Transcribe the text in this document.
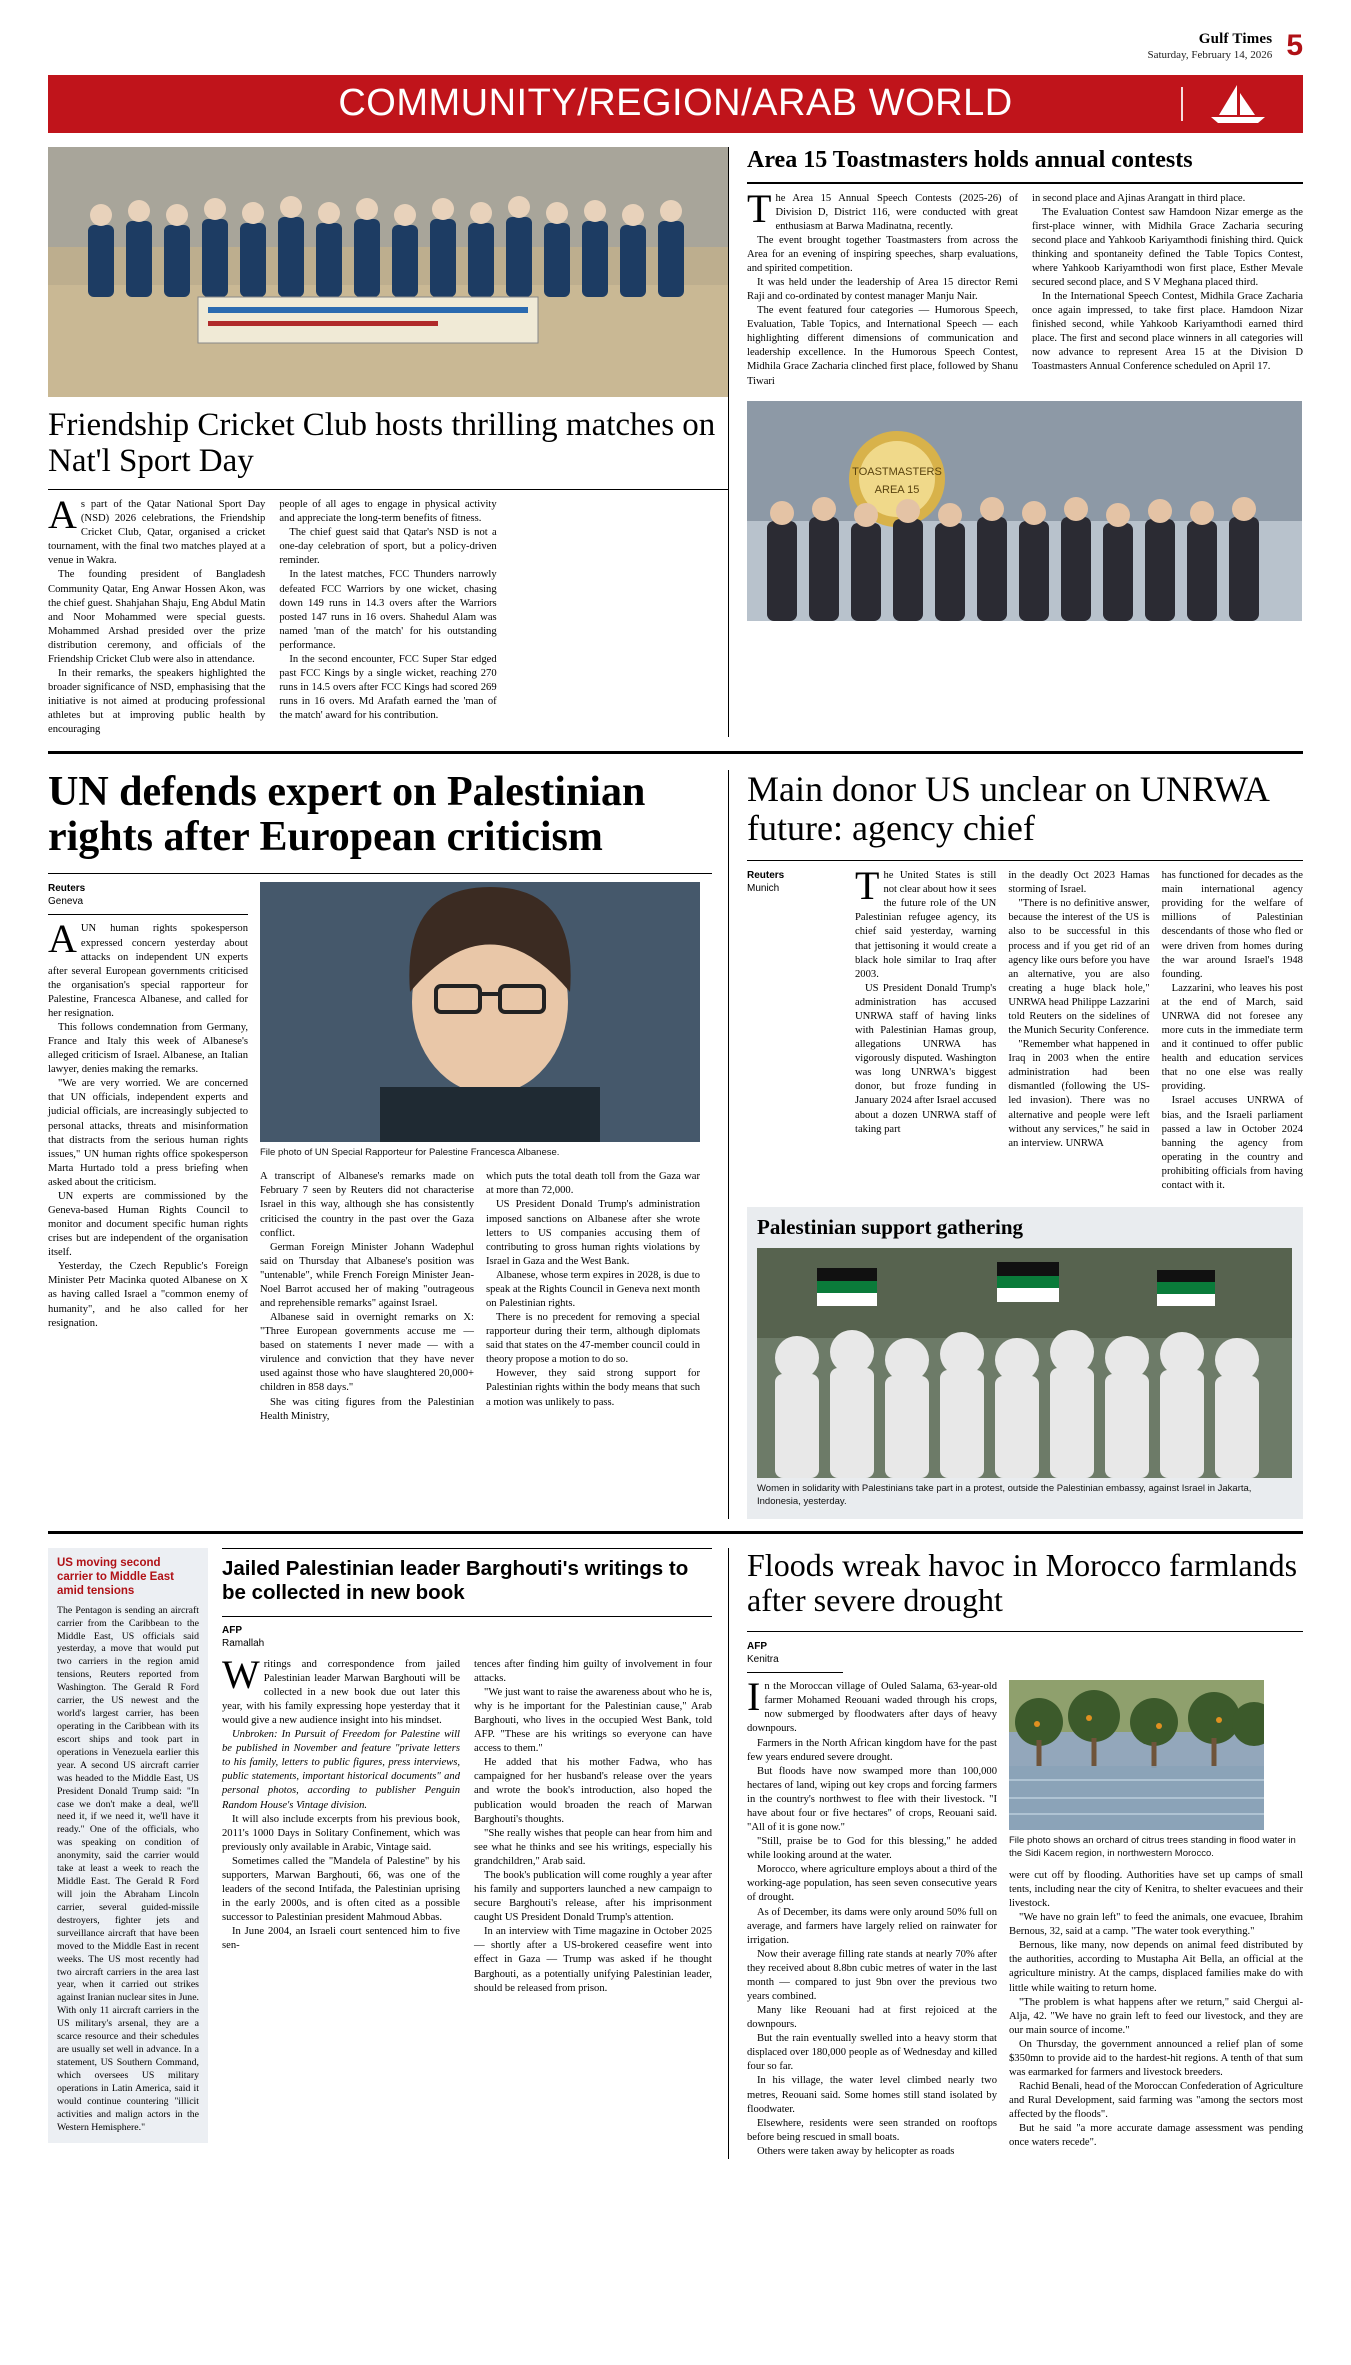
Gulf Times
Saturday, February 14, 2026 5
COMMUNITY/REGION/ARAB WORLD
Friendship Cricket Club hosts thrilling matches on Nat'l Sport Day

As part of the Qatar National Sport Day (NSD) 2026 celebrations, the Friendship Cricket Club, Qatar, organised a cricket tournament, with the final two matches played at a venue in Wakra.

The founding president of Bangladesh Community Qatar, Eng Anwar Hossen Akon, was the chief guest. Shahjahan Shaju, Eng Abdul Matin and Noor Mohammed were special guests. Mohammed Arshad presided over the prize distribution ceremony, and officials of the Friendship Cricket Club were also in attendance.

In their remarks, the speakers highlighted the broader significance of NSD, emphasising that the initiative is not aimed at producing professional athletes but at improving public health by encouraging

people of all ages to engage in physical activity and appreciate the long-term benefits of fitness.

The chief guest said that Qatar's NSD is not a one-day celebration of sport, but a policy-driven reminder.

In the latest matches, FCC Thunders narrowly defeated FCC Warriors by one wicket, chasing down 149 runs in 14.3 overs after the Warriors posted 147 runs in 16 overs. Shahedul Alam was named 'man of the match' for his outstanding performance.

In the second encounter, FCC Super Star edged past FCC Kings by a single wicket, reaching 270 runs in 14.5 overs after FCC Kings had scored 269 runs in 16 overs. Md Arafath earned the 'man of the match' award for his contribution.

Area 15 Toastmasters holds annual contests

The Area 15 Annual Speech Contests (2025-26) of Division D, District 116, were conducted with great enthusiasm at Barwa Madinatna, recently.

The event brought together Toastmasters from across the Area for an evening of inspiring speeches, sharp evaluations, and spirited competition.

It was held under the leadership of Area 15 director Remi Raji and co-ordinated by contest manager Manju Nair.

The event featured four categories — Humorous Speech, Evaluation, Table Topics, and International Speech — each highlighting different dimensions of communication and leadership excellence. In the Humorous Speech Contest, Midhila Grace Zacharia clinched first place, followed by Shanu Tiwari

in second place and Ajinas Arangatt in third place.

The Evaluation Contest saw Hamdoon Nizar emerge as the first-place winner, with Midhila Grace Zacharia securing second place and Yahkoob Kariyamthodi finishing third. Quick thinking and spontaneity defined the Table Topics Contest, where Yahkoob Kariyamthodi won first place, Esther Mevale secured second place, and S V Meghana placed third.

In the International Speech Contest, Midhila Grace Zacharia once again impressed, to take first place. Hamdoon Nizar finished second, while Yahkoob Kariyamthodi earned third place. The first and second place winners in all categories will now advance to represent Area 15 at the Division D Toastmasters Annual Conference scheduled on April 17.

TOASTMASTERS
AREA 15
UN defends expert on Palestinian rights after European criticism
Reuters
Geneva

AUN human rights spokesperson expressed concern yesterday about attacks on independent UN experts after several European governments criticised the organisation's special rapporteur for Palestine, Francesca Albanese, and called for her resignation.

This follows condemnation from Germany, France and Italy this week of Albanese's alleged criticism of Israel. Albanese, an Italian lawyer, denies making the remarks.

"We are very worried. We are concerned that UN officials, independent experts and judicial officials, are increasingly subjected to personal attacks, threats and misinformation that distracts from the serious human rights issues," UN human rights office spokesperson Marta Hurtado told a press briefing when asked about the criticism.

UN experts are commissioned by the Geneva-based Human Rights Council to monitor and document specific human rights crises but are independent of the organisation itself.

Yesterday, the Czech Republic's Foreign Minister Petr Macinka quoted Albanese on X as having called Israel a "common enemy of humanity", and he also called for her resignation.

File photo of UN Special Rapporteur for Palestine Francesca Albanese.

A transcript of Albanese's remarks made on February 7 seen by Reuters did not characterise Israel in this way, although she has consistently criticised the country in the past over the Gaza conflict.

German Foreign Minister Johann Wadephul said on Thursday that Albanese's position was "untenable", while French Foreign Minister Jean-Noel Barrot accused her of making "outrageous and reprehensible remarks" against Israel.

Albanese said in overnight remarks on X: "Three European governments accuse me — based on statements I never made — with a virulence and conviction that they have never used against those who have slaughtered 20,000+ children in 858 days."

She was citing figures from the Palestinian Health Ministry,

which puts the total death toll from the Gaza war at more than 72,000.

US President Donald Trump's administration imposed sanctions on Albanese after she wrote letters to US companies accusing them of contributing to gross human rights violations by Israel in Gaza and the West Bank.

Albanese, whose term expires in 2028, is due to speak at the Rights Council in Geneva next month on Palestinian rights.

There is no precedent for removing a special rapporteur during their term, although diplomats said that states on the 47-member council could in theory propose a motion to do so.

However, they said strong support for Palestinian rights within the body means that such a motion was unlikely to pass.

Main donor US unclear on UNRWA future: agency chief
Reuters
Munich	The United States is still not clear about how it sees the future role of the UN Palestinian refugee agency, its chief said yesterday, warning that jettisoning it would create a black hole similar to Iraq after 2003.

US President Donald Trump's administration has accused UNRWA staff of having links with Palestinian Hamas group, allegations UNRWA has vigorously disputed. Washington was long UNRWA's biggest donor, but froze funding in January 2024 after Israel accused about a dozen UNRWA staff of taking part

in the deadly Oct 2023 Hamas storming of Israel.

"There is no definitive answer, because the interest of the US is also to be successful in this process and if you get rid of an agency like ours before you have an alternative, you are also creating a huge black hole," UNRWA head Philippe Lazzarini told Reuters on the sidelines of the Munich Security Conference.

"Remember what happened in Iraq in 2003 when the entire administration had been dismantled (following the US-led invasion). There was no alternative and people were left without any services," he said in an interview. UNRWA

has functioned for decades as the main international agency providing for the welfare of millions of Palestinian descendants of those who fled or were driven from homes during the war around Israel's 1948 founding.

Lazzarini, who leaves his post at the end of March, said UNRWA did not foresee any more cuts in the immediate term and it continued to offer public health and education services that no one else was really providing.

Israel accuses UNRWA of bias, and the Israeli parliament passed a law in October 2024 banning the agency from operating in the country and prohibiting officials from having contact with it.

Palestinian support gathering
Women in solidarity with Palestinians take part in a protest, outside the Palestinian embassy, against Israel in Jakarta, Indonesia, yesterday.
US moving second carrier to Middle East amid tensions

The Pentagon is sending an aircraft carrier from the Caribbean to the Middle East, US officials said yesterday, a move that would put two carriers in the region amid tensions, Reuters reported from Washington. The Gerald R Ford carrier, the US newest and the world's largest carrier, has been operating in the Caribbean with its escort ships and took part in operations in Venezuela earlier this year. A second US aircraft carrier was headed to the Middle East, US President Donald Trump said: "In case we don't make a deal, we'll need it, if we need it, we'll have it ready." One of the officials, who was speaking on condition of anonymity, said the carrier would take at least a week to reach the Middle East. The Gerald R Ford will join the Abraham Lincoln carrier, several guided-missile destroyers, fighter jets and surveillance aircraft that have been moved to the Middle East in recent weeks. The US most recently had two aircraft carriers in the area last year, when it carried out strikes against Iranian nuclear sites in June. With only 11 aircraft carriers in the US military's arsenal, they are a scarce resource and their schedules are usually set well in advance. In a statement, US Southern Command, which oversees US military operations in Latin America, said it would continue countering "illicit activities and malign actors in the Western Hemisphere."

Jailed Palestinian leader Barghouti's writings to be collected in new book
AFP
Ramallah

Writings and correspondence from jailed Palestinian leader Marwan Barghouti will be collected in a new book due out later this year, with his family expressing hope yesterday that it would give a new audience insight into his mindset.

Unbroken: In Pursuit of Freedom for Palestine will be published in November and feature "private letters to his family, letters to public figures, press interviews, public statements, important historical documents" and personal photos, according to publisher Penguin Random House's Vintage division.

It will also include excerpts from his previous book, 2011's 1000 Days in Solitary Confinement, which was previously only available in Arabic, Vintage said.

Sometimes called the "Mandela of Palestine" by his supporters, Marwan Barghouti, 66, was one of the leaders of the second Intifada, the Palestinian uprising in the early 2000s, and is often cited as a possible successor to Palestinian president Mahmoud Abbas.

In June 2004, an Israeli court sentenced him to five sen-

tences after finding him guilty of involvement in four attacks.

"We just want to raise the awareness about who he is, why is he important for the Palestinian cause," Arab Barghouti, who lives in the occupied West Bank, told AFP. "These are his writings so everyone can have access to them."

He added that his mother Fadwa, who has campaigned for her husband's release over the years and wrote the book's introduction, also hoped the publication would broaden the reach of Marwan Barghouti's thoughts.

"She really wishes that people can hear from him and see what he thinks and see his writings, especially his grandchildren," Arab said.

The book's publication will come roughly a year after his family and supporters launched a new campaign to secure Barghouti's release, after his imprisonment caught US President Donald Trump's attention.

In an interview with Time magazine in October 2025 — shortly after a US-brokered ceasefire went into effect in Gaza — Trump was asked if he thought Barghouti, as a potentially unifying Palestinian leader, should be released from prison.

Floods wreak havoc in Morocco farmlands after severe drought
AFP
Kenitra

In the Moroccan village of Ouled Salama, 63-year-old farmer Mohamed Reouani waded through his crops, now submerged by floodwaters after days of heavy downpours.

Farmers in the North African kingdom have for the past few years endured severe drought.

But floods have now swamped more than 100,000 hectares of land, wiping out key crops and forcing farmers in the country's northwest to flee with their livestock. "I have about four or five hectares" of crops, Reouani said. "All of it is gone now."

"Still, praise be to God for this blessing," he added while looking around at the water.

Morocco, where agriculture employs about a third of the working-age population, has seen seven consecutive years of drought.

As of December, its dams were only around 50% full on average, and farmers have largely relied on rainwater for irrigation.

Now their average filling rate stands at nearly 70% after they received about 8.8bn cubic metres of water in the last month — compared to just 9bn over the previous two years combined.

Many like Reouani had at first rejoiced at the downpours.

But the rain eventually swelled into a heavy storm that displaced over 180,000 people as of Wednesday and killed four so far.

In his village, the water level climbed nearly two metres, Reouani said. Some homes still stand isolated by floodwater.

Elsewhere, residents were seen stranded on rooftops before being rescued in small boats.

Others were taken away by helicopter as roads

File photo shows an orchard of citrus trees standing in flood water in the Sidi Kacem region, in northwestern Morocco.

were cut off by flooding. Authorities have set up camps of small tents, including near the city of Kenitra, to shelter evacuees and their livestock.

"We have no grain left" to feed the animals, one evacuee, Ibrahim Bernous, 32, said at a camp. "The water took everything."

Bernous, like many, now depends on animal feed distributed by the authorities, according to Mustapha Ait Bella, an official at the agriculture ministry. At the camps, displaced families make do with little while waiting to return home.

"The problem is what happens after we return," said Chergui al-Alja, 42. "We have no grain left to feed our livestock, and they are our main source of income."

On Thursday, the government announced a relief plan of some $350mn to provide aid to the hardest-hit regions. A tenth of that sum was earmarked for farmers and livestock breeders.

Rachid Benali, head of the Moroccan Confederation of Agriculture and Rural Development, said farming was "among the sectors most affected by the floods".

But he said "a more accurate damage assessment was pending once waters recede".
